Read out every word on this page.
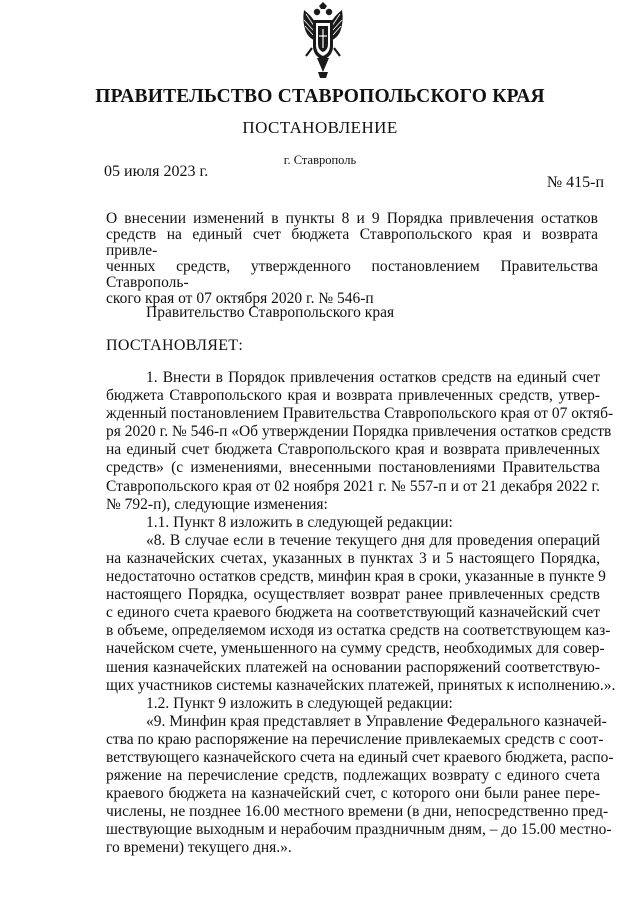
ПРАВИТЕЛЬСТВО СТАВРОПОЛЬСКОГО КРАЯ
ПОСТАНОВЛЕНИЕ
г. Ставрополь
05 июля 2023 г.
№ 415-п

О внесении изменений в пункты 8 и 9 Порядка привлечения остатков
средств на единый счет бюджета Ставропольского края и возврата привле-
ченных средств, утвержденного постановлением Правительства Ставрополь-
ского края от 07 октября 2020 г. № 546-п

Правительство Ставропольского края
ПОСТАНОВЛЯЕТ:
1. Внести в Порядок привлечения остатков средств на единый счет
бюджета Ставропольского края и возврата привлеченных средств, утвер-
жденный постановлением Правительства Ставропольского края от 07 октяб-
ря 2020 г. № 546-п «Об утверждении Порядка привлечения остатков средств
на единый счет бюджета Ставропольского края и возврата привлеченных
средств» (с изменениями, внесенными постановлениями Правительства
Ставропольского края от 02 ноября 2021 г. № 557-п и от 21 декабря 2022 г.
№ 792-п), следующие изменения:
1.1. Пункт 8 изложить в следующей редакции:
«8. В случае если в течение текущего дня для проведения операций
на казначейских счетах, указанных в пунктах 3 и 5 настоящего Порядка,
недостаточно остатков средств, минфин края в сроки, указанные в пункте 9
настоящего Порядка, осуществляет возврат ранее привлеченных средств
с единого счета краевого бюджета на соответствующий казначейский счет
в объеме, определяемом исходя из остатка средств на соответствующем каз-
начейском счете, уменьшенного на сумму средств, необходимых для совер-
шения казначейских платежей на основании распоряжений соответствую-
щих участников системы казначейских платежей, принятых к исполнению.».
1.2. Пункт 9 изложить в следующей редакции:
«9. Минфин края представляет в Управление Федерального казначей-
ства по краю распоряжение на перечисление привлекаемых средств с соот-
ветствующего казначейского счета на единый счет краевого бюджета, распо-
ряжение на перечисление средств, подлежащих возврату с единого счета
краевого бюджета на казначейский счет, с которого они были ранее пере-
числены, не позднее 16.00 местного времени (в дни, непосредственно пред-
шествующие выходным и нерабочим праздничным дням, – до 15.00 местно-
го времени) текущего дня.».
